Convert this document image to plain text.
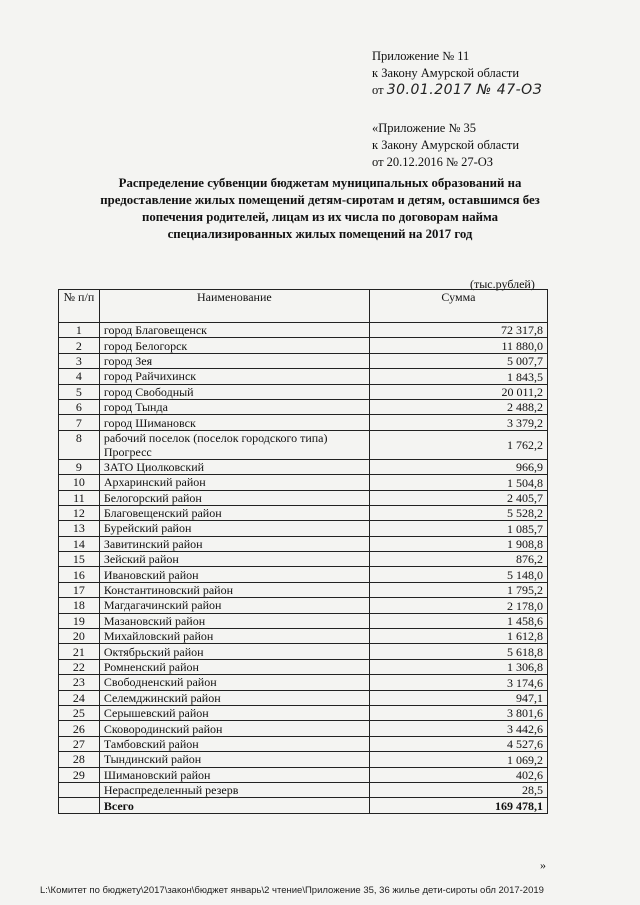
Приложение № 11
к Закону Амурской области
от 30.01.2017 № 47-ОЗ
«Приложение № 35
к Закону Амурской области
от 20.12.2016 № 27-ОЗ
Распределение субвенции бюджетам муниципальных образований на
предоставление жилых помещений детям-сиротам и детям, оставшимся без
попечения родителей, лицам из их числа по договорам найма
специализированных жилых помещений на 2017 год
(тыс.рублей)
№ п/п	Наименование	Сумма
1	город Благовещенск	72 317,8
2	город Белогорск	11 880,0
3	город Зея	5 007,7
4	город Райчихинск	1 843,5
5	город Свободный	20 011,2
6	город Тында	2 488,2
7	город Шимановск	3 379,2
8	рабочий поселок (поселок городского типа)
Прогресс	1 762,2
9	ЗАТО Циолковский	966,9
10	Архаринский район	1 504,8
11	Белогорский район	2 405,7
12	Благовещенский район	5 528,2
13	Бурейский район	1 085,7
14	Завитинский район	1 908,8
15	Зейский район	876,2
16	Ивановский район	5 148,0
17	Константиновский район	1 795,2
18	Магдагачинский район	2 178,0
19	Мазановский район	1 458,6
20	Михайловский район	1 612,8
21	Октябрьский район	5 618,8
22	Ромненский район	1 306,8
23	Свободненский район	3 174,6
24	Селемджинский район	947,1
25	Серышевский район	3 801,6
26	Сковородинский район	3 442,6
27	Тамбовский район	4 527,6
28	Тындинский район	1 069,2
29	Шимановский район	402,6
	Нераспределенный резерв	28,5
	Всего	169 478,1
»
L:\Комитет по бюджету\2017\закон\бюджет январь\2 чтение\Приложение 35, 36 жилье дети-сироты обл 2017-2019
